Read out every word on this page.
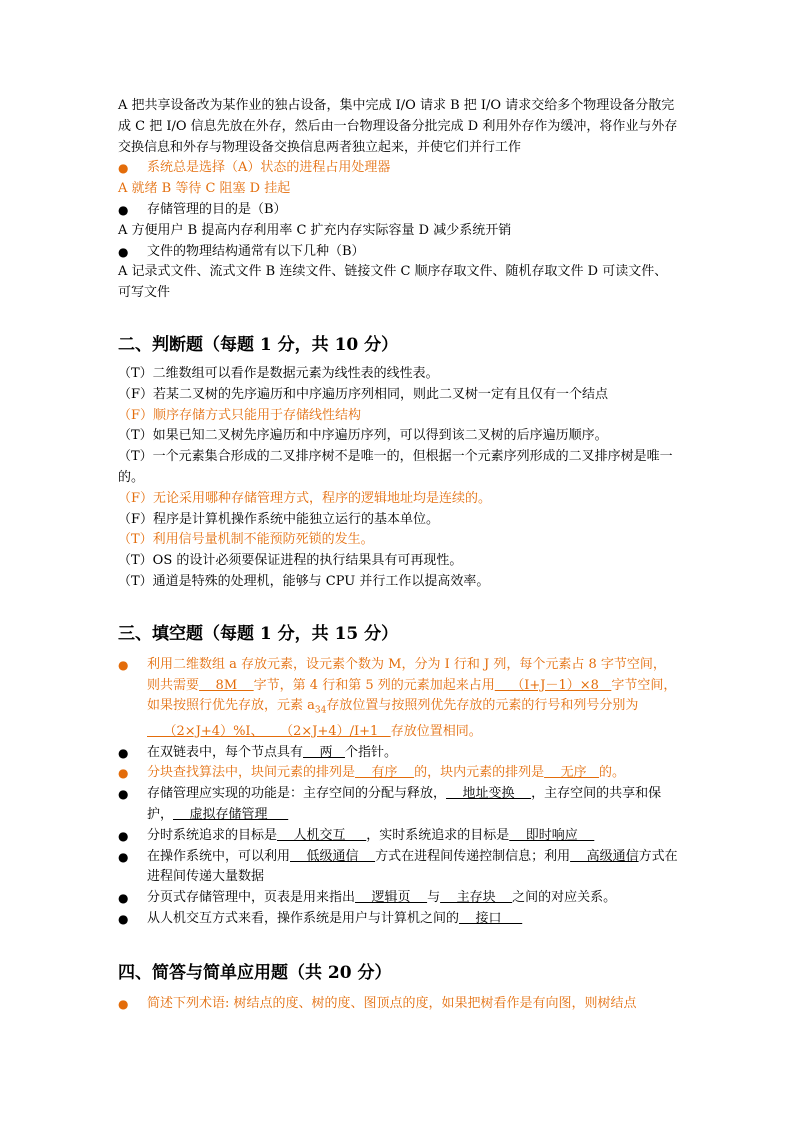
A 把共享设备改为某作业的独占设备，集中完成 I/O 请求 B 把 I/O 请求交给多个物理设备分散完成 C 把 I/O 信息先放在外存，然后由一台物理设备分批完成 D 利用外存作为缓冲，将作业与外存交换信息和外存与物理设备交换信息两者独立起来，并使它们并行工作

● 系统总是选择（A）状态的进程占用处理器

A 就绪 B 等待 C 阻塞 D 挂起

● 存储管理的目的是（B）

A 方便用户 B 提高内存利用率 C 扩充内存实际容量 D 减少系统开销

● 文件的物理结构通常有以下几种（B）

A 记录式文件、流式文件 B 连续文件、链接文件 C 顺序存取文件、随机存取文件 D 可读文件、可写文件

二、判断题（每题 1 分，共 10 分）

（T）二维数组可以看作是数据元素为线性表的线性表。

（F）若某二叉树的先序遍历和中序遍历序列相同，则此二叉树一定有且仅有一个结点

（F）顺序存储方式只能用于存储线性结构

（T）如果已知二叉树先序遍历和中序遍历序列，可以得到该二叉树的后序遍历顺序。

（T）一个元素集合形成的二叉排序树不是唯一的，但根据一个元素序列形成的二叉排序树是唯一的。

（F）无论采用哪种存储管理方式，程序的逻辑地址均是连续的。

（F）程序是计算机操作系统中能独立运行的基本单位。

（T）利用信号量机制不能预防死锁的发生。

（T）OS 的设计必须要保证进程的执行结果具有可再现性。

（T）通道是特殊的处理机，能够与 CPU 并行工作以提高效率。

三、填空题（每题 1 分，共 15 分）
● 利用二维数组 a 存放元素，设元素个数为 M，分为 I 行和 J 列，每个元素占 8 字节空间，则共需要    8M    字节，第 4 行和第 5 列的元素加起来占用    （I+J－1）×8   字节空间，如果按照行优先存放，元素 $a_{34}$存放位置与按照列优先存放的元素的行号和列号分别为    （2×J+4）%I、    （2×J+4）/I+1   存放位置相同。
● 在双链表中，每个节点具有    两   个指针。
● 分块查找算法中，块间元素的排列是    有序    的，块内元素的排列是    无序   的。
● 存储管理应实现的功能是：主存空间的分配与释放，    地址变换    ，主存空间的共享和保护，    虚拟存储管理
● 分时系统追求的目标是    人机交互     ，实时系统追求的目标是    即时响应
● 在操作系统中，可以利用    低级通信    方式在进程间传递控制信息；利用    高级通信方式在进程间传递大量数据
● 分页式存储管理中，页表是用来指出    逻辑页    与    主存块    之间的对应关系。
● 从人机交互方式来看，操作系统是用户与计算机之间的    接口
四、简答与简单应用题（共 20 分）
● 简述下列术语: 树结点的度、树的度、图顶点的度，如果把树看作是有向图，则树结点
